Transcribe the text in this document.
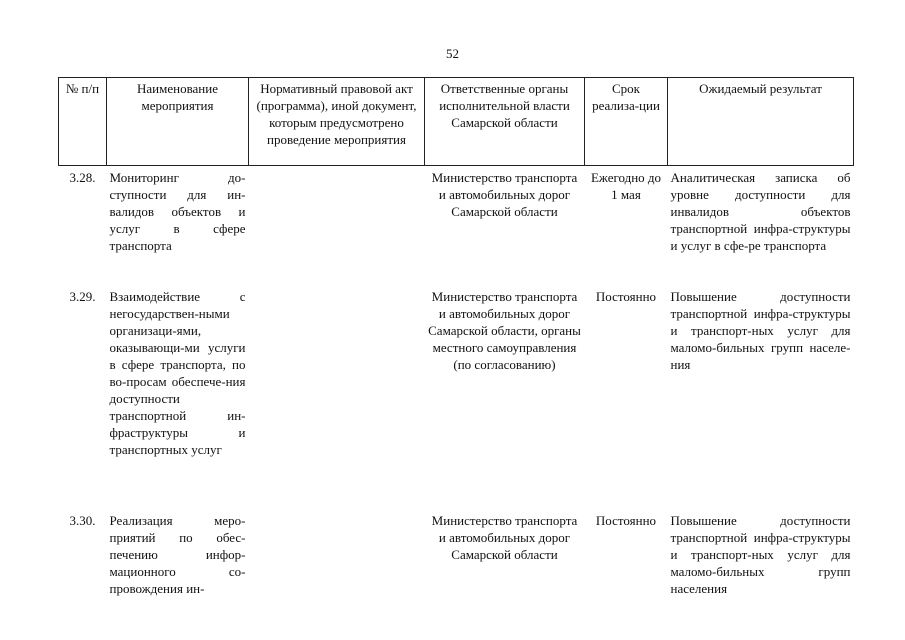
52
№ п/п	Наименование мероприятия	Нормативный правовой акт (программа), иной документ, которым предусмотрено проведение мероприятия	Ответственные органы исполнительной власти Самарской области	Срок реализа-ции	Ожидаемый результат
3.28.	Мониторинг до-ступности для ин-валидов объектов и услуг в сфере транспорта		Министерство транспорта и автомобильных дорог Самарской области	Ежегодно до 1 мая	Аналитическая записка об уровне доступности для инвалидов объектов транспортной инфра-структуры и услуг в сфе-ре транспорта
3.29.	Взаимодействие с негосударствен-ными организаци-ями, оказывающи-ми услуги в сфере транспорта, по во-просам обеспече-ния доступности транспортной ин-фраструктуры и транспортных услуг		Министерство транспорта и автомобильных дорог Самарской области, органы местного самоуправления (по согласованию)	Постоянно	Повышение доступности транспортной инфра-структуры и транспорт-ных услуг для маломо-бильных групп населе-ния
3.30.	Реализация меро-приятий по обес-печению инфор-мационного со-провождения ин-		Министерство транспорта и автомобильных дорог Самарской области	Постоянно	Повышение доступности транспортной инфра-структуры и транспорт-ных услуг для маломо-бильных групп населения
